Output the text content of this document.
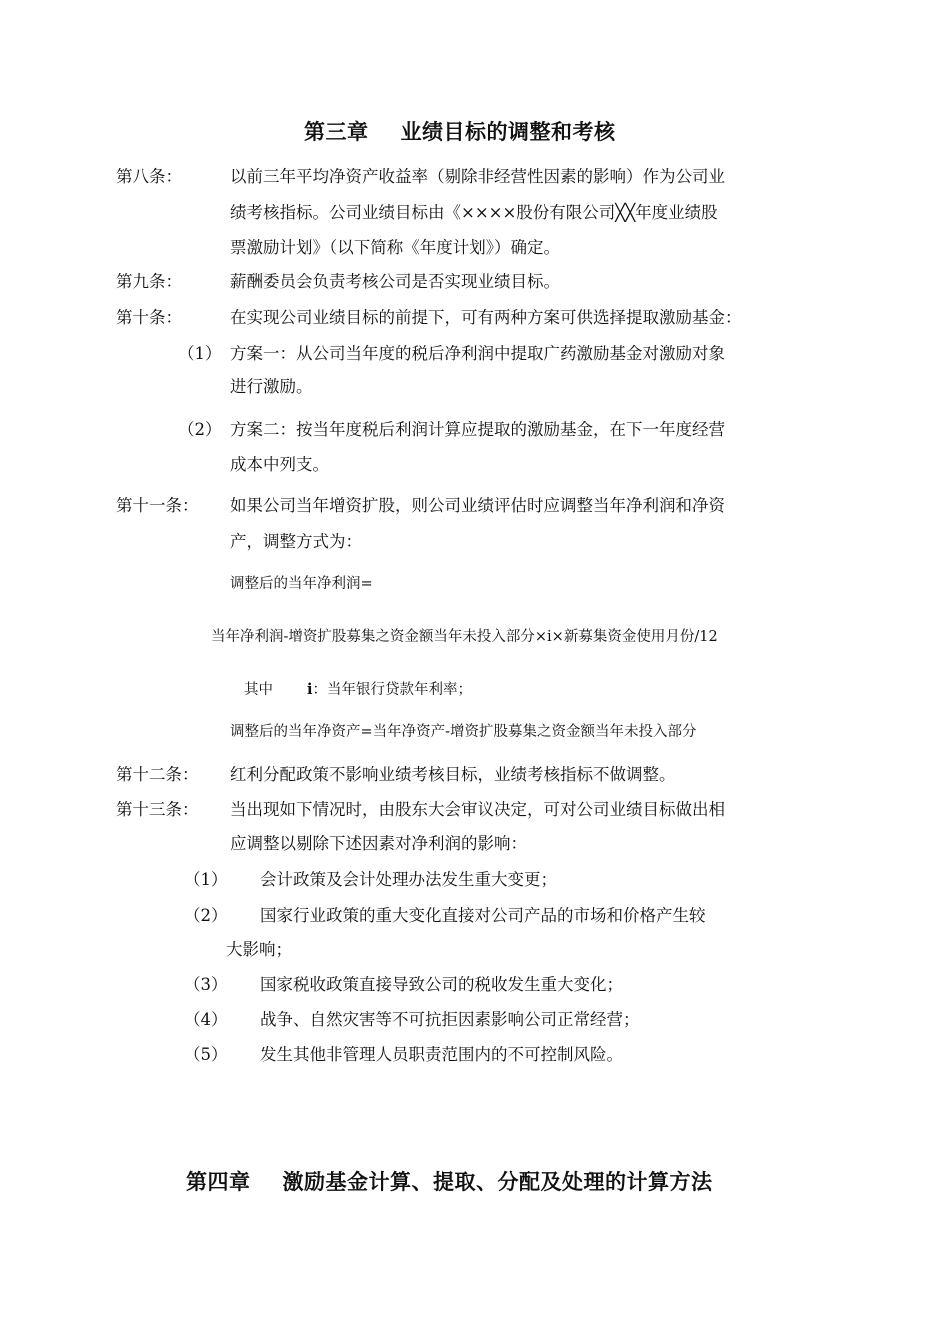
第三章 业绩目标的调整和考核
第八条：	以前三年平均净资产收益率（剔除非经营性因素的影响）作为公司业
绩考核指标。公司业绩目标由《××××股份有限公司╳╳年度业绩股
票激励计划》（以下简称《年度计划》）确定。
第九条：	薪酬委员会负责考核公司是否实现业绩目标。
第十条：	在实现公司业绩目标的前提下，可有两种方案可供选择提取激励基金：
（1） 方案一：从公司当年度的税后净利润中提取广药激励基金对激励对象
进行激励。
（2） 方案二：按当年度税后利润计算应提取的激励基金，在下一年度经营
成本中列支。
第十一条： 如果公司当年增资扩股，则公司业绩评估时应调整当年净利润和净资
产，调整方式为：
调整后的当年净利润=
当年净利润-增资扩股募集之资金额当年未投入部分×i×新募集资金使用月份/12
其中 i：当年银行贷款年利率；
调整后的当年净资产=当年净资产-增资扩股募集之资金额当年未投入部分
第十二条： 红利分配政策不影响业绩考核目标，业绩考核指标不做调整。
第十三条： 当出现如下情况时，由股东大会审议决定，可对公司业绩目标做出相
应调整以剔除下述因素对净利润的影响：
（1） 会计政策及会计处理办法发生重大变更；
（2） 国家行业政策的重大变化直接对公司产品的市场和价格产生较
大影响；
（3） 国家税收政策直接导致公司的税收发生重大变化；
（4） 战争、自然灾害等不可抗拒因素影响公司正常经营；
（5） 发生其他非管理人员职责范围内的不可控制风险。
第四章 激励基金计算、提取、分配及处理的计算方法
